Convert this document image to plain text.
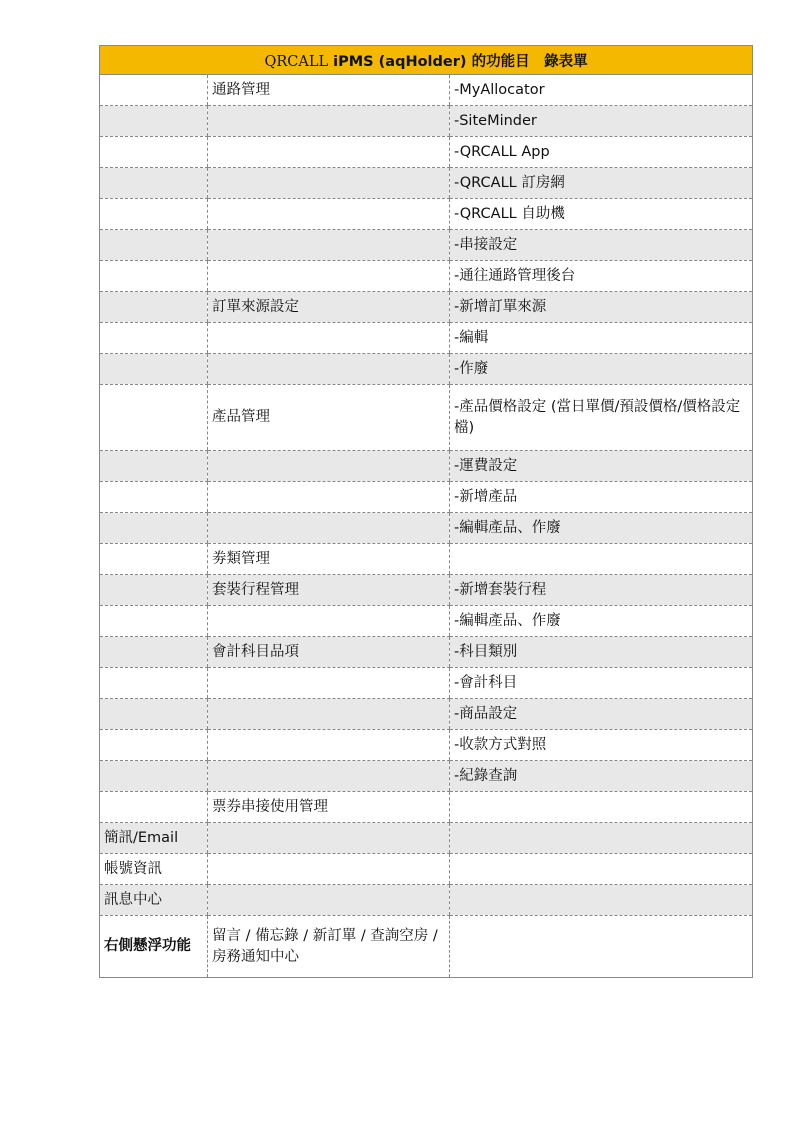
QRCALL iPMS (aqHolder) 的功能目　錄表單		
	通路管理	-MyAllocator
		-SiteMinder
		-QRCALL App
		-QRCALL 訂房網
		-QRCALL 自助機
		-串接設定
		-通往通路管理後台
	訂單來源設定	-新增訂單來源
		-編輯
		-作廢
	產品管理	-產品價格設定 (當日單價/預設價格/價格設定檔)
		-運費設定
		-新增產品
		-編輯產品、作廢
	劵類管理	
	套裝行程管理	-新增套裝行程
		-編輯產品、作廢
	會計科目品項	-科目類別
		-會計科目
		-商品設定
		-收款方式對照
		-紀錄查詢
	票券串接使用管理	
簡訊/Email		
帳號資訊		
訊息中心		
右側懸浮功能	留言 / 備忘錄 / 新訂單 / 查詢空房 / 房務通知中心	
